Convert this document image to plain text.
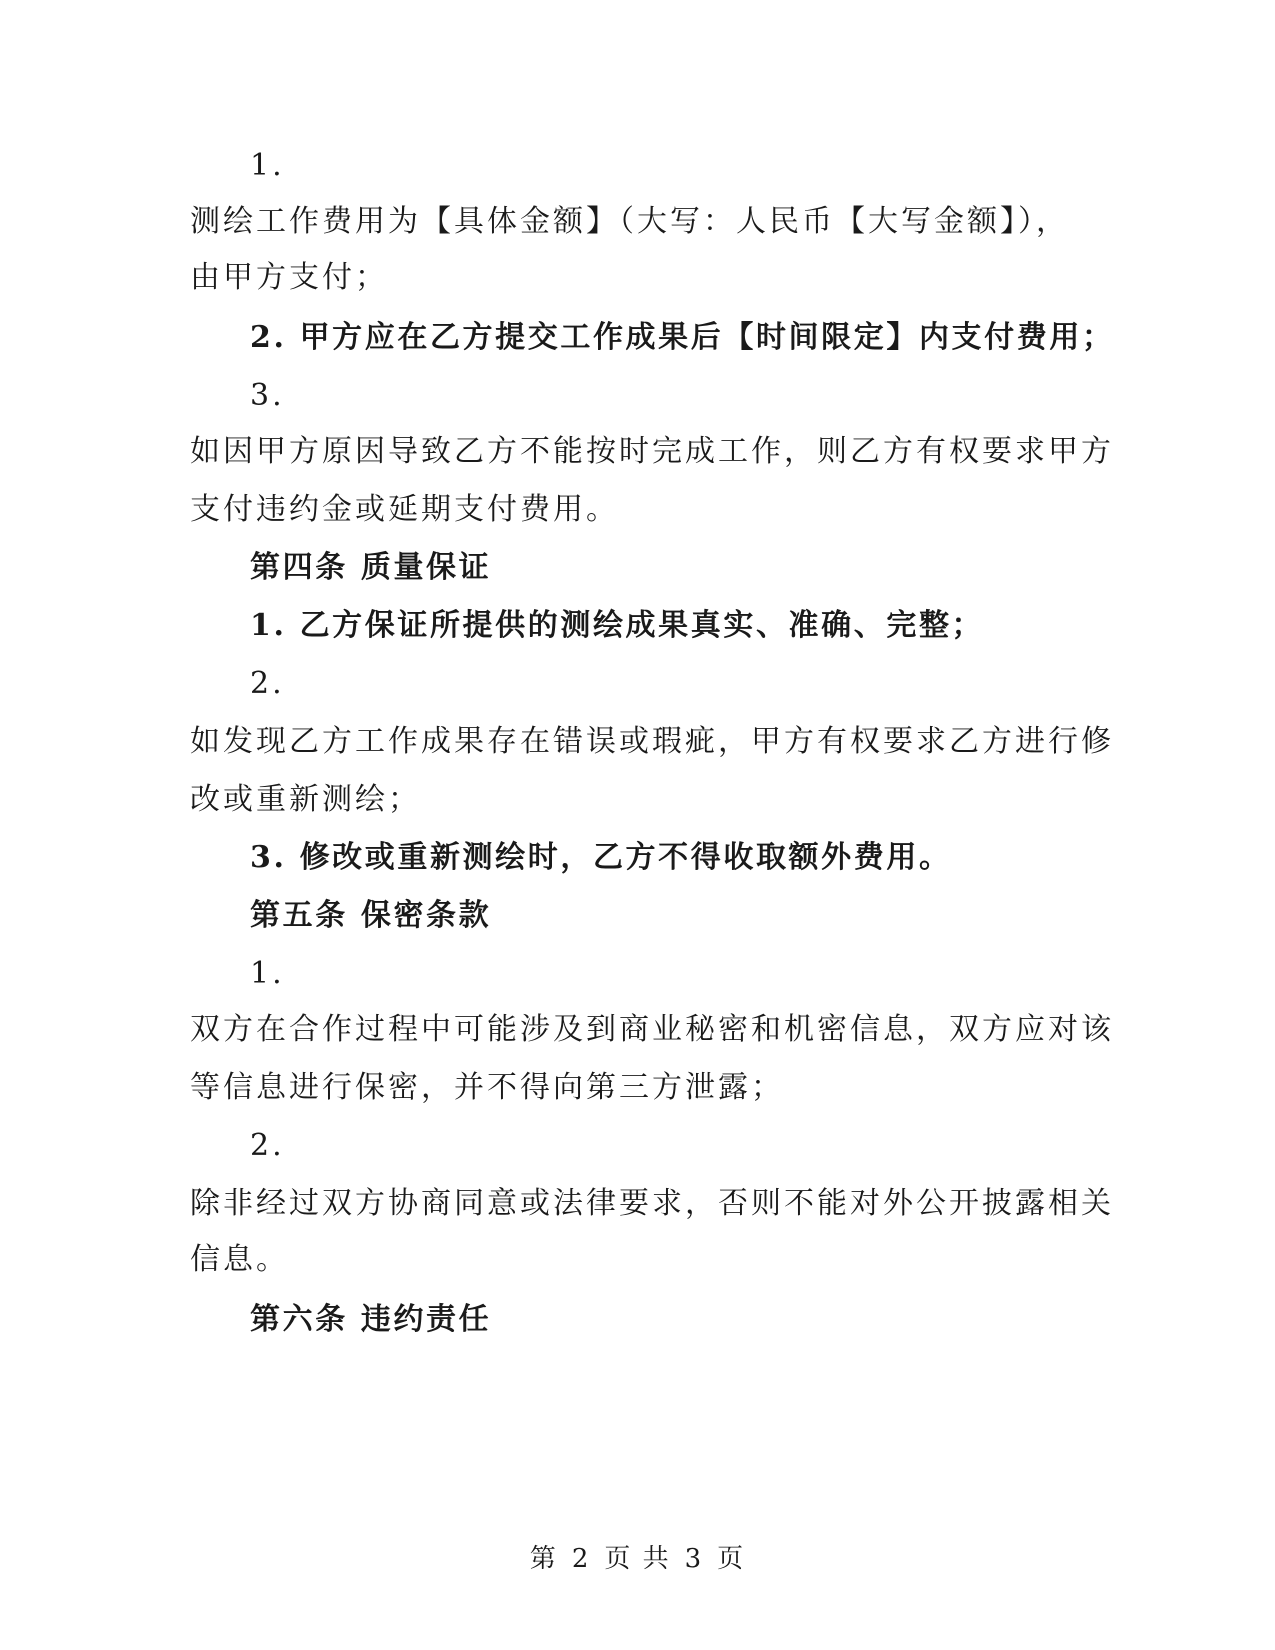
1.
测绘工作费用为【具体金额】（大写：人民币【大写金额】），
由甲方支付；
2. 甲方应在乙方提交工作成果后【时间限定】内支付费用；
3.
如因甲方原因导致乙方不能按时完成工作，则乙方有权要求甲方
支付违约金或延期支付费用。
第四条 质量保证
1. 乙方保证所提供的测绘成果真实、准确、完整；
2.
如发现乙方工作成果存在错误或瑕疵，甲方有权要求乙方进行修
改或重新测绘；
3. 修改或重新测绘时，乙方不得收取额外费用。
第五条 保密条款
1.
双方在合作过程中可能涉及到商业秘密和机密信息，双方应对该
等信息进行保密，并不得向第三方泄露；
2.
除非经过双方协商同意或法律要求，否则不能对外公开披露相关
信息。
第六条 违约责任
第 2 页 共 3 页
